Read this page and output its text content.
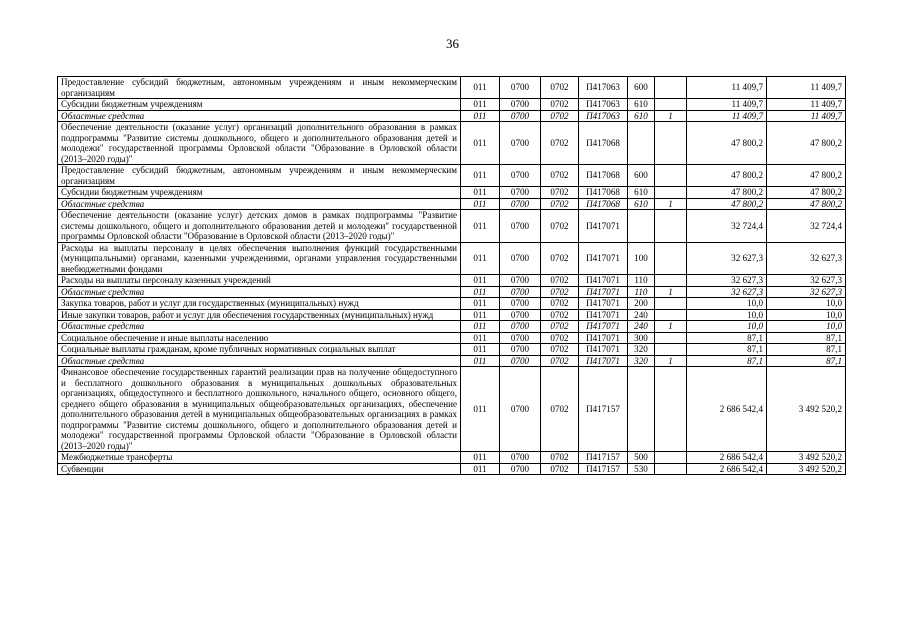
36
Предоставление субсидий бюджетным, автономным учреждениям и иным некоммерческим организациям	011	0700	0702	П417063	600		11 409,7	11 409,7
Субсидии бюджетным учреждениям	011	0700	0702	П417063	610		11 409,7	11 409,7
Областные средства	011	0700	0702	П417063	610	1	11 409,7	11 409,7
Обеспечение деятельности (оказание услуг) организаций дополнительного образования в рамках подпрограммы "Развитие системы дошкольного, общего и дополнительного образования детей и молодежи" государственной программы Орловской области "Образование в Орловской области (2013–2020 годы)"	011	0700	0702	П417068			47 800,2	47 800,2
Предоставление субсидий бюджетным, автономным учреждениям и иным некоммерческим организациям	011	0700	0702	П417068	600		47 800,2	47 800,2
Субсидии бюджетным учреждениям	011	0700	0702	П417068	610		47 800,2	47 800,2
Областные средства	011	0700	0702	П417068	610	1	47 800,2	47 800,2
Обеспечение деятельности (оказание услуг) детских домов в рамках подпрограммы "Развитие системы дошкольного, общего и дополнительного образования детей и молодежи" государственной программы Орловской области "Образование в Орловской области (2013–2020 годы)"	011	0700	0702	П417071			32 724,4	32 724,4
Расходы на выплаты персоналу в целях обеспечения выполнения функций государственными (муниципальными) органами, казенными учреждениями, органами управления государственными внебюджетными фондами	011	0700	0702	П417071	100		32 627,3	32 627,3
Расходы на выплаты персоналу казенных учреждений	011	0700	0702	П417071	110		32 627,3	32 627,3
Областные средства	011	0700	0702	П417071	110	1	32 627,3	32 627,3
Закупка товаров, работ и услуг для государственных (муниципальных) нужд	011	0700	0702	П417071	200		10,0	10,0
Иные закупки товаров, работ и услуг для обеспечения государственных (муниципальных) нужд	011	0700	0702	П417071	240		10,0	10,0
Областные средства	011	0700	0702	П417071	240	1	10,0	10,0
Социальное обеспечение и иные выплаты населению	011	0700	0702	П417071	300		87,1	87,1
Социальные выплаты гражданам, кроме публичных нормативных социальных выплат	011	0700	0702	П417071	320		87,1	87,1
Областные средства	011	0700	0702	П417071	320	1	87,1	87,1
Финансовое обеспечение государственных гарантий реализации прав на получение общедоступного и бесплатного дошкольного образования в муниципальных дошкольных образовательных организациях, общедоступного и бесплатного дошкольного, начального общего, основного общего, среднего общего образования в муниципальных общеобразовательных организациях, обеспечение дополнительного образования детей в муниципальных общеобразовательных организациях в рамках подпрограммы "Развитие системы дошкольного, общего и дополнительного образования детей и молодежи" государственной программы Орловской области "Образование в Орловской области (2013–2020 годы)"	011	0700	0702	П417157			2 686 542,4	3 492 520,2
Межбюджетные трансферты	011	0700	0702	П417157	500		2 686 542,4	3 492 520,2
Субвенции	011	0700	0702	П417157	530		2 686 542,4	3 492 520,2
